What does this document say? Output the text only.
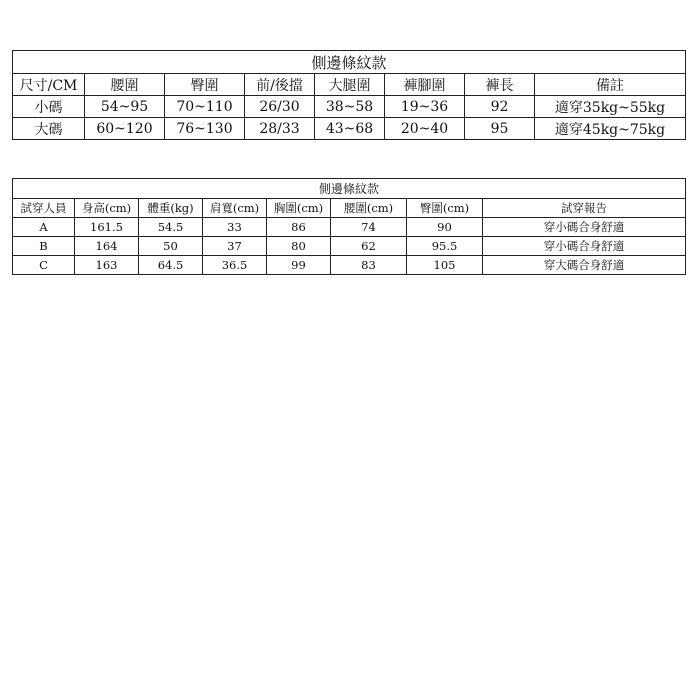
側邊條紋款							
尺寸/CM	腰圍	臀圍	前/後擋	大腿圍	褲腳圍	褲長	備註
小碼	54~95	70~110	26/30	38~58	19~36	92	適穿35kg~55kg
大碼	60~120	76~130	28/33	43~68	20~40	95	適穿45kg~75kg
側邊條紋款							
試穿人員	身高(cm)	體重(kg)	肩寬(cm)	胸圍(cm)	腰圍(cm)	臀圍(cm)	試穿報告
A	161.5	54.5	33	86	74	90	穿小碼合身舒適
B	164	50	37	80	62	95.5	穿小碼合身舒適
C	163	64.5	36.5	99	83	105	穿大碼合身舒適
